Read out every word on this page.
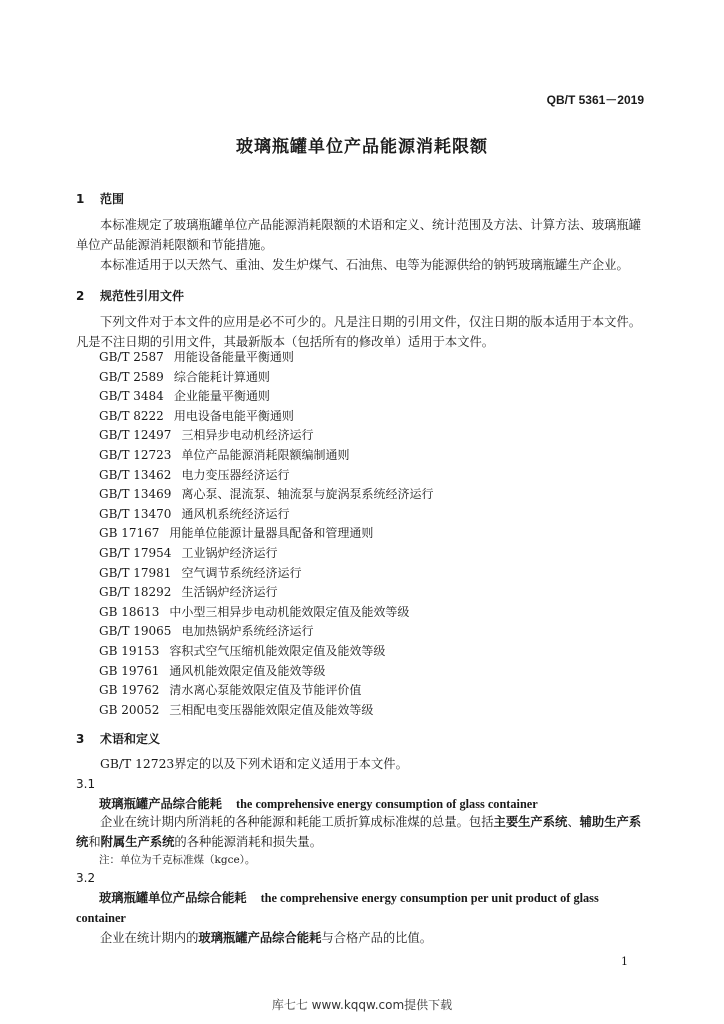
QB/T 5361－2019
玻璃瓶罐单位产品能源消耗限额
1 范围
本标准规定了玻璃瓶罐单位产品能源消耗限额的术语和定义、统计范围及方法、计算方法、玻璃瓶罐单位产品能源消耗限额和节能措施。
本标准适用于以天然气、重油、发生炉煤气、石油焦、电等为能源供给的钠钙玻璃瓶罐生产企业。
2 规范性引用文件
下列文件对于本文件的应用是必不可少的。凡是注日期的引用文件，仅注日期的版本适用于本文件。凡是不注日期的引用文件，其最新版本（包括所有的修改单）适用于本文件。
GB/T 2587 用能设备能量平衡通则
GB/T 2589 综合能耗计算通则
GB/T 3484 企业能量平衡通则
GB/T 8222 用电设备电能平衡通则
GB/T 12497 三相异步电动机经济运行
GB/T 12723 单位产品能源消耗限额编制通则
GB/T 13462 电力变压器经济运行
GB/T 13469 离心泵、混流泵、轴流泵与旋涡泵系统经济运行
GB/T 13470 通风机系统经济运行
GB 17167 用能单位能源计量器具配备和管理通则
GB/T 17954 工业锅炉经济运行
GB/T 17981 空气调节系统经济运行
GB/T 18292 生活锅炉经济运行
GB 18613 中小型三相异步电动机能效限定值及能效等级
GB/T 19065 电加热锅炉系统经济运行
GB 19153 容积式空气压缩机能效限定值及能效等级
GB 19761 通风机能效限定值及能效等级
GB 19762 清水离心泵能效限定值及节能评价值
GB 20052 三相配电变压器能效限定值及能效等级
3 术语和定义
GB/T 12723界定的以及下列术语和定义适用于本文件。
3.1
玻璃瓶罐产品综合能耗 the comprehensive energy consumption of glass container
企业在统计期内所消耗的各种能源和耗能工质折算成标准煤的总量。包括主要生产系统、辅助生产系统和附属生产系统的各种能源消耗和损失量。
注：单位为千克标准煤（kgce）。
3.2
玻璃瓶罐单位产品综合能耗 the comprehensive energy consumption per unit product of glass container
企业在统计期内的玻璃瓶罐产品综合能耗与合格产品的比值。
1
库七七 www.kqqw.com提供下载
